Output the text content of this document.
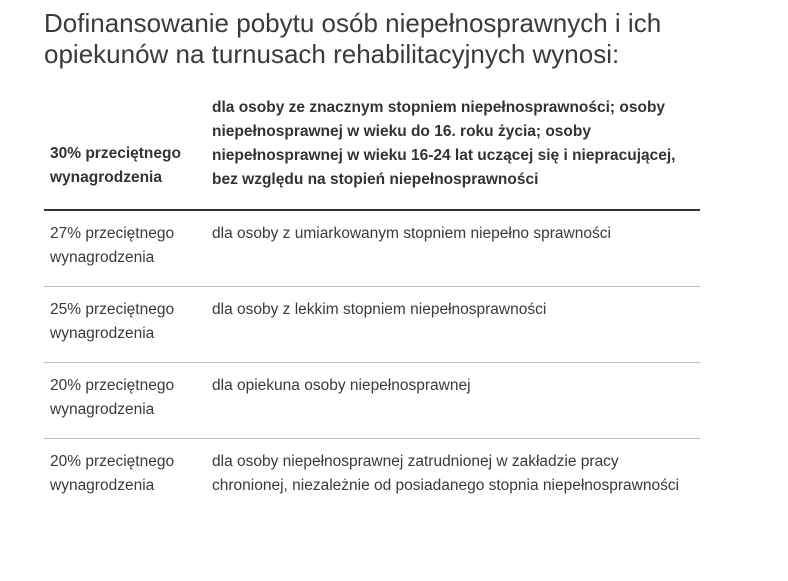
Dofinansowanie pobytu osób niepełnosprawnych i ich opiekunów na turnusach rehabilitacyjnych wynosi:
30% przeciętnego wynagrodzenia	dla osoby ze znacznym stopniem niepełnosprawności; osoby niepełnosprawnej w wieku do 16. roku życia; osoby niepełnosprawnej w wieku 16-24 lat uczącej się i niepracującej, bez względu na stopień niepełnosprawności
27% przeciętnego wynagrodzenia	dla osoby z umiarkowanym stopniem niepełno sprawności
25% przeciętnego wynagrodzenia	dla osoby z lekkim stopniem niepełnosprawności
20% przeciętnego wynagrodzenia	dla opiekuna osoby niepełnosprawnej
20% przeciętnego wynagrodzenia	dla osoby niepełnosprawnej zatrudnionej w zakładzie pracy chronionej, niezależnie od posiadanego stopnia niepełnosprawności
